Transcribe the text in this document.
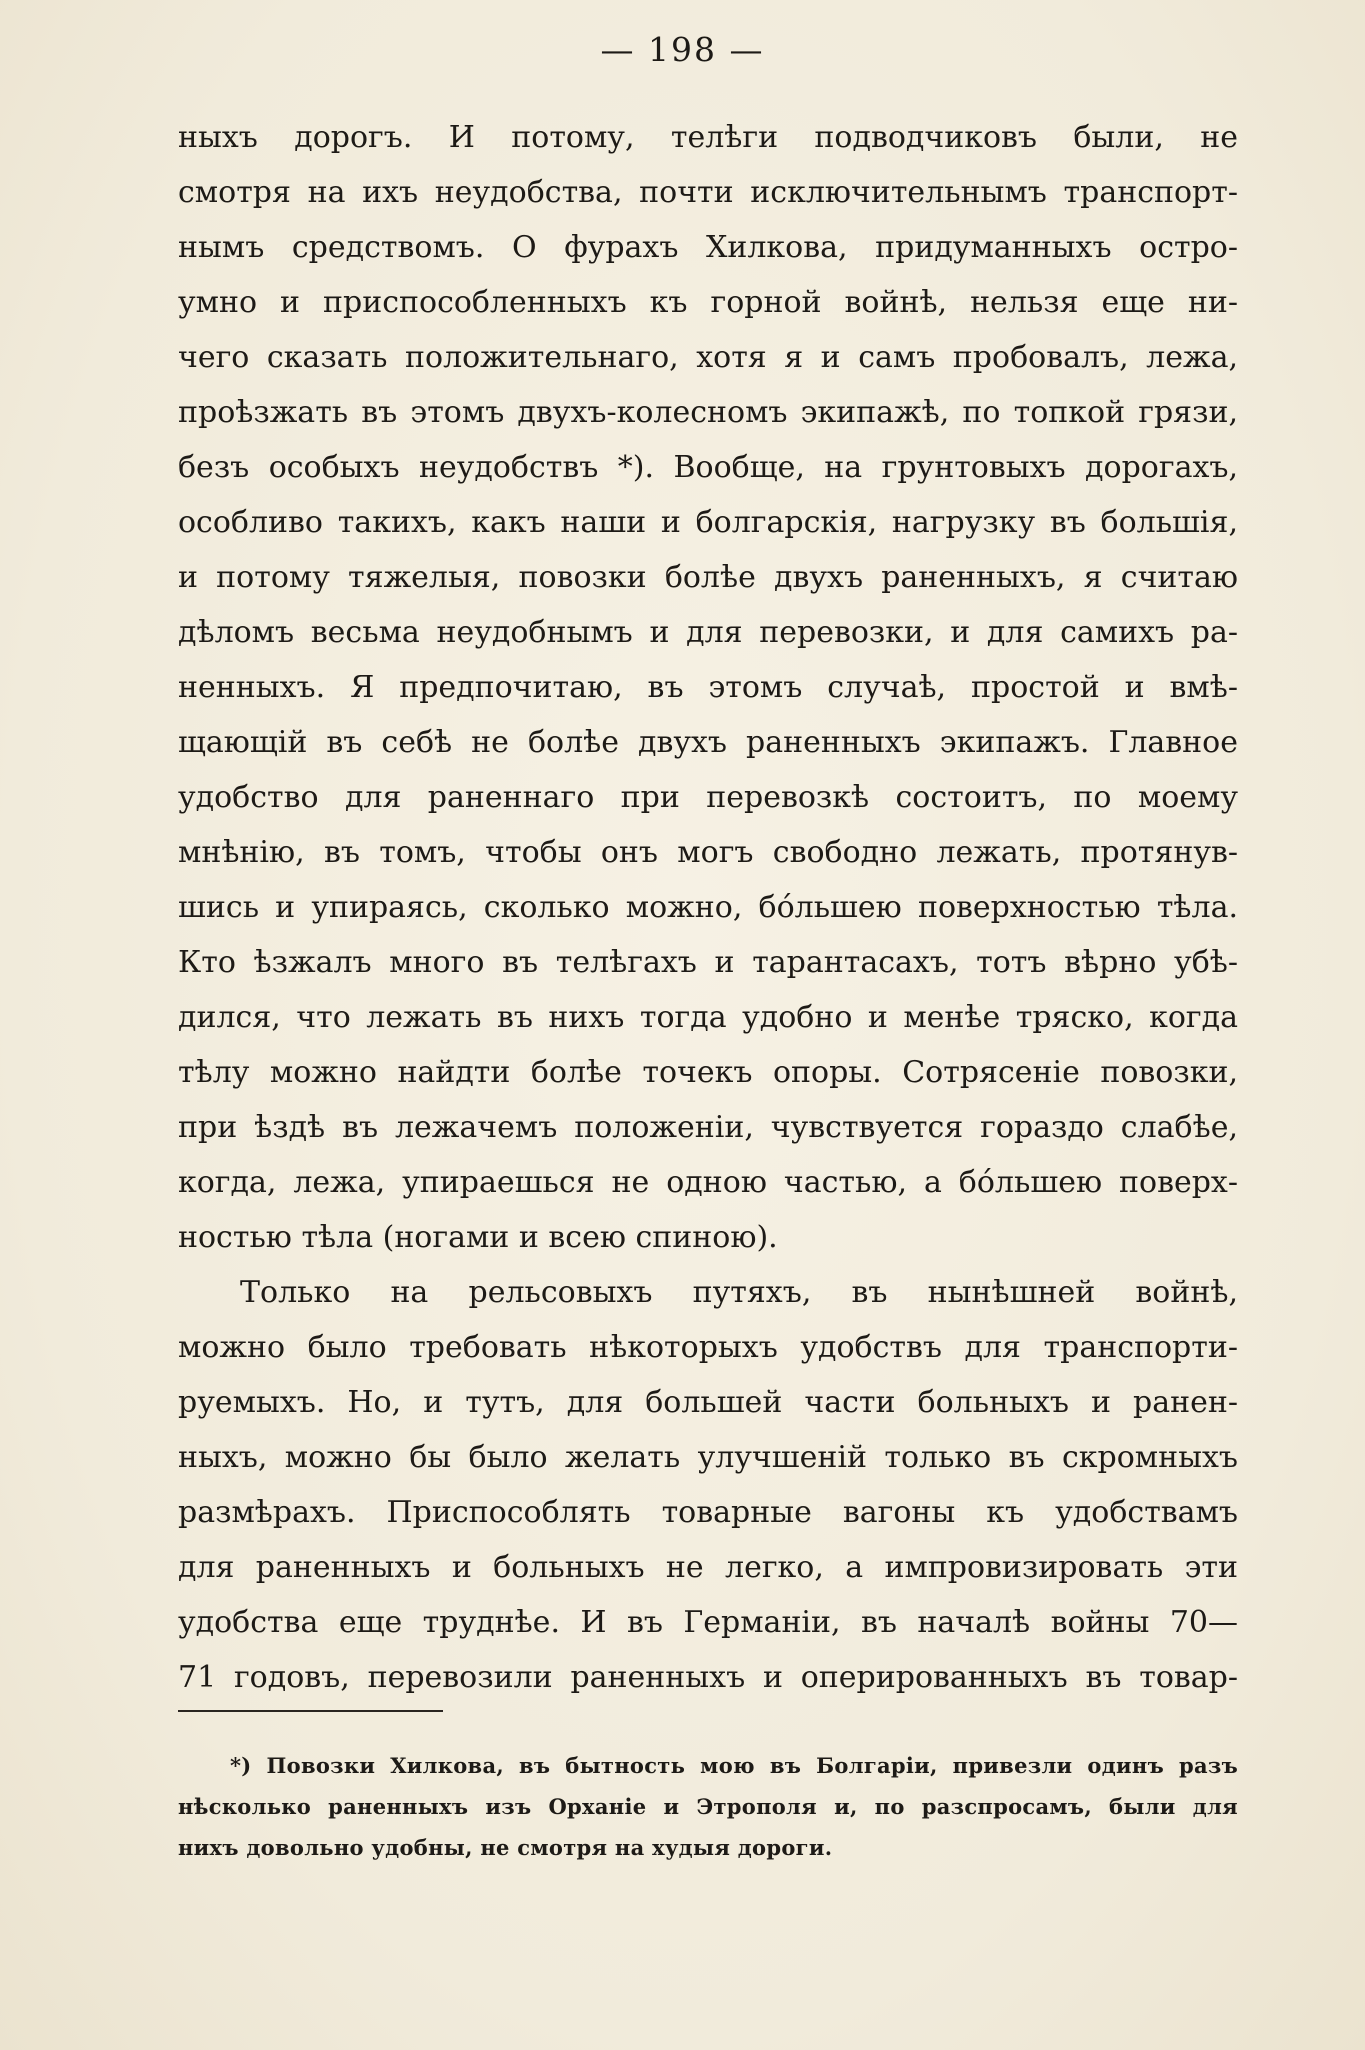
— 198 —
ныхъ дорогъ. И потому, телѣги подводчиковъ были, не
смотря на ихъ неудобства, почти исключительнымъ транспорт-
нымъ средствомъ. О фурахъ Хилкова, придуманныхъ остро-
умно и приспособленныхъ къ горной войнѣ, нельзя еще ни-
чего сказать положительнаго, хотя я и самъ пробовалъ, лежа,
проѣзжать въ этомъ двухъ-колесномъ экипажѣ, по топкой грязи,
безъ особыхъ неудобствъ *). Вообще, на грунтовыхъ дорогахъ,
особливо такихъ, какъ наши и болгарскія, нагрузку въ большія,
и потому тяжелыя, повозки болѣе двухъ раненныхъ, я считаю
дѣломъ весьма неудобнымъ и для перевозки, и для самихъ ра-
ненныхъ. Я предпочитаю, въ этомъ случаѣ, простой и вмѣ-
щающій въ себѣ не болѣе двухъ раненныхъ экипажъ. Главное
удобство для раненнаго при перевозкѣ состоитъ, по моему
мнѣнію, въ томъ, чтобы онъ могъ свободно лежать, протянув-
шись и упираясь, сколько можно, бо́льшею поверхностью тѣла.
Кто ѣзжалъ много въ телѣгахъ и тарантасахъ, тотъ вѣрно убѣ-
дился, что лежать въ нихъ тогда удобно и менѣе тряско, когда
тѣлу можно найдти болѣе точекъ опоры. Сотрясеніе повозки,
при ѣздѣ въ лежачемъ положеніи, чувствуется гораздо слабѣе,
когда, лежа, упираешься не одною частью, а бо́льшею поверх-
ностью тѣла (ногами и всею спиною).
Только на рельсовыхъ путяхъ, въ нынѣшней войнѣ,
можно было требовать нѣкоторыхъ удобствъ для транспорти-
руемыхъ. Но, и тутъ, для большей части больныхъ и ранен-
ныхъ, можно бы было желать улучшеній только въ скромныхъ
размѣрахъ. Приспособлять товарные вагоны къ удобствамъ
для раненныхъ и больныхъ не легко, а импровизировать эти
удобства еще труднѣе. И въ Германіи, въ началѣ войны 70—
71 годовъ, перевозили раненныхъ и оперированныхъ въ товар-
*) Повозки Хилкова, въ бытность мою въ Болгаріи, привезли одинъ разъ
нѣсколько раненныхъ изъ Орханіе и Этрополя и, по разспросамъ, были для
нихъ довольно удобны, не смотря на худыя дороги.
